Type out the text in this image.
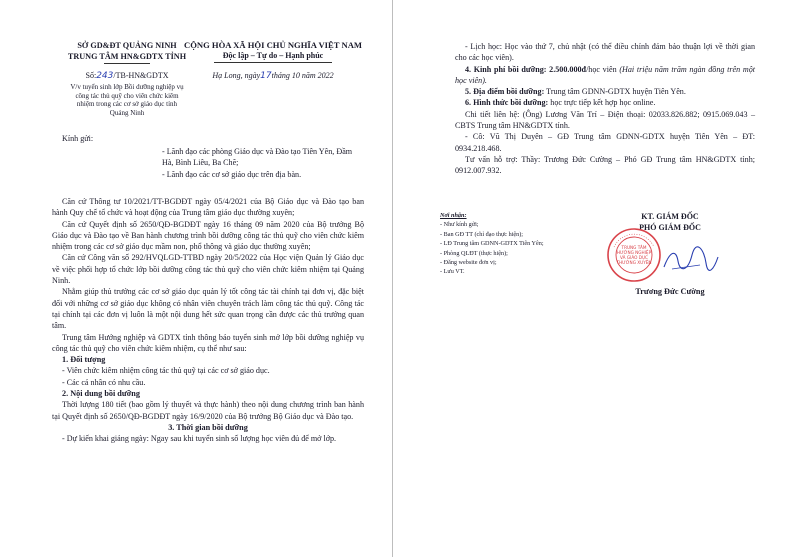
SỞ GD&ĐT QUẢNG NINH
TRUNG TÂM HN&GDTX TỈNH
Số:243/TB-HN&GDTX
V/v tuyển sinh lớp Bồi dưỡng nghiệp vụ
công tác thủ quỹ cho viên chức kiêm
nhiệm trong các cơ sở giáo dục tỉnh
Quảng Ninh
CỘNG HÒA XÃ HỘI CHỦ NGHĨA VIỆT NAM
Độc lập – Tự do – Hạnh phúc
Hạ Long, ngày17tháng 10 năm 2022
Kính gửi:
- Lãnh đạo các phòng Giáo dục và Đào tạo Tiên Yên, Đầm
Hà, Bình Liêu, Ba Chẽ;
- Lãnh đạo các cơ sở giáo dục trên địa bàn.

Căn cứ Thông tư 10/2021/TT-BGDĐT ngày 05/4/2021 của Bộ Giáo dục và Đào tạo ban hành Quy chế tổ chức và hoạt động của Trung tâm giáo dục thường xuyên;

Căn cứ Quyết định số 2650/QĐ-BGDĐT ngày 16 tháng 09 năm 2020 của Bộ trưởng Bộ Giáo dục và Đào tạo về Ban hành chương trình bồi dưỡng công tác thủ quỹ cho viên chức kiêm nhiệm trong các cơ sở giáo dục mầm non, phổ thông và giáo dục thường xuyên;

Căn cứ Công văn số 292/HVQLGD-TTBD ngày 20/5/2022 của Học viện Quản lý Giáo dục về việc phối hợp tổ chức lớp bồi dưỡng công tác thủ quỹ cho viên chức kiêm nhiệm tại Quảng Ninh.

Nhằm giúp thủ trưởng các cơ sở giáo dục quản lý tốt công tác tài chính tại đơn vị, đặc biệt đối với những cơ sở giáo dục không có nhân viên chuyên trách làm công tác thủ quỹ. Công tác tại chính tại các đơn vị luôn là một nội dung hết sức quan trọng cần được các thủ trưởng quan tâm.

Trung tâm Hướng nghiệp và GDTX tỉnh thông báo tuyển sinh mở lớp bồi dưỡng nghiệp vụ công tác thủ quỹ cho viên chức kiêm nhiệm, cụ thể như sau:

1. Đối tượng

- Viên chức kiêm nhiệm công tác thủ quỹ tại các cơ sở giáo dục.

- Các cá nhân có nhu cầu.

2. Nội dung bồi dưỡng

Thời lượng 180 tiết (bao gồm lý thuyết và thực hành) theo nội dung chương trình ban hành tại Quyết định số 2650/QĐ-BGDĐT ngày 16/9/2020 của Bộ trưởng Bộ Giáo dục và Đào tạo.

3. Thời gian bồi dưỡng

- Dự kiến khai giảng ngày: Ngay sau khi tuyển sinh số lượng học viên đủ để mở lớp.

- Lịch học: Học vào thứ 7, chủ nhật (có thể điều chỉnh đảm bảo thuận lợi về thời gian cho các học viên).

4. Kinh phí bồi dưỡng: 2.500.000đ/học viên (Hai triệu năm trăm ngàn đồng trên một học viên).

5. Địa điểm bồi dưỡng: Trung tâm GDNN-GDTX huyện Tiên Yên.

6. Hình thức bồi dưỡng: học trực tiếp kết hợp học online.

Chi tiết liên hệ: (Ông) Lương Văn Trí – Điện thoại: 02033.826.882; 0915.069.043 – CBTS Trung tâm HN&GDTX tỉnh.

- Cô: Vũ Thị Duyên – GĐ Trung tâm GDNN-GDTX huyện Tiên Yên – ĐT: 0934.218.468.

Tư vấn hỗ trợ: Thầy: Trương Đức Cường – Phó GĐ Trung tâm HN&GDTX tỉnh; 0912.007.932.

Nơi nhận:
- Như kính gửi;
- Ban GĐ TT (chỉ đạo thực hiện);
- LĐ Trung tâm GDNN-GDTX Tiên Yên;
- Phòng QLĐT (thực hiện);
- Đăng website đơn vị;
- Lưu VT.
KT. GIÁM ĐỐC
PHÓ GIÁM ĐỐC
Trương Đức Cường
TRUNG TÂM
HƯỚNG NGHIỆP
VÀ GIÁO DỤC
THƯỜNG XUYÊN
